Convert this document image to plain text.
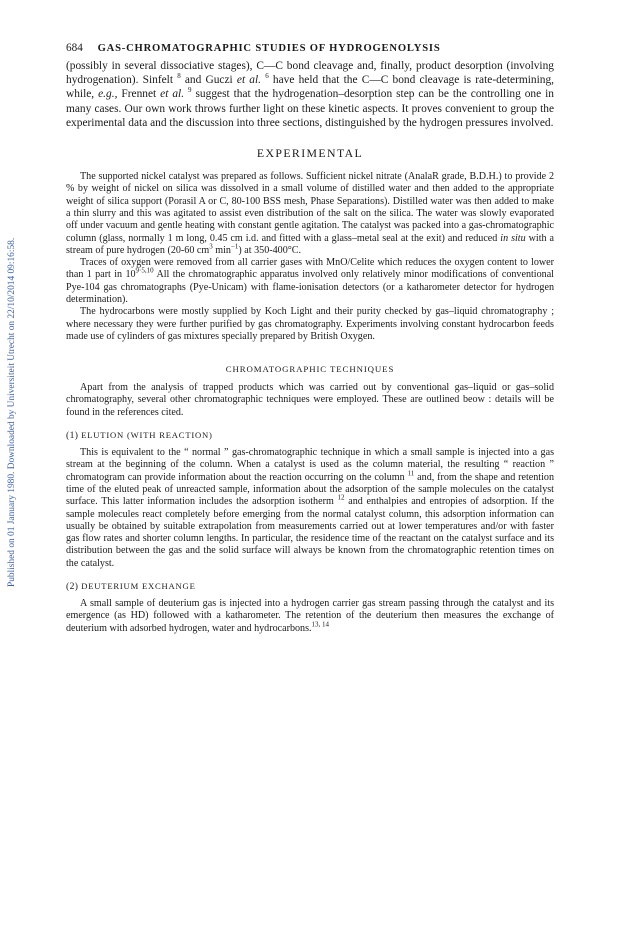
Published on 01 January 1980. Downloaded by Universiteit Utrecht on 22/10/2014 09:16:58.
684 GAS-CHROMATOGRAPHIC STUDIES OF HYDROGENOLYSIS

(possibly in several dissociative stages), C—C bond cleavage and, finally, product desorption (involving hydrogenation). Sinfelt $^8$ and Guczi et al. $^6$ have held that the C—C bond cleavage is rate-determining, while, e.g., Frennet et al. $^9$ suggest that the hydrogenation–desorption step can be the controlling one in many cases. Our own work throws further light on these kinetic aspects. It proves convenient to group the experimental data and the discussion into three sections, distinguished by the hydrogen pressures involved.

EXPERIMENTAL

The supported nickel catalyst was prepared as follows. Sufficient nickel nitrate (AnalaR grade, B.D.H.) to provide 2 % by weight of nickel on silica was dissolved in a small volume of distilled water and then added to the appropriate weight of silica support (Porasil A or C, 80-100 BSS mesh, Phase Separations). Distilled water was then added to make a thin slurry and this was agitated to assist even distribution of the salt on the silica. The water was slowly evaporated off under vacuum and gentle heating with constant gentle agitation. The catalyst was packed into a gas-chromatographic column (glass, normally 1 m long, 0.45 cm i.d. and fitted with a glass–metal seal at the exit) and reduced in situ with a stream of pure hydrogen (20-60 $cm^3$ $\min^{-1}$) at 350-400°C.

Traces of oxygen were removed from all carrier gases with MnO/Celite which reduces the oxygen content to lower than 1 part in $10^{9\cdot 5,10}$ All the chromatographic apparatus involved only relatively minor modifications of conventional Pye-104 gas chromatographs (Pye-Unicam) with flame-ionisation detectors (or a katharometer detector for hydrogen determination).

The hydrocarbons were mostly supplied by Koch Light and their purity checked by gas–liquid chromatography ; where necessary they were further purified by gas chromatography. Experiments involving constant hydrocarbon feeds made use of cylinders of gas mixtures specially prepared by British Oxygen.

CHROMATOGRAPHIC TECHNIQUES

Apart from the analysis of trapped products which was carried out by conventional gas–liquid or gas–solid chromatography, several other chromatographic techniques were employed. These are outlined beow : details will be found in the references cited.

(1) ELUTION (WITH REACTION)

This is equivalent to the “ normal ” gas-chromatographic technique in which a small sample is injected into a gas stream at the beginning of the column. When a catalyst is used as the column material, the resulting “ reaction ” chromatogram can provide information about the reaction occurring on the column $^{11}$ and, from the shape and retention time of the eluted peak of unreacted sample, information about the adsorption of the sample molecules on the catalyst surface. This latter information includes the adsorption isotherm $^{12}$ and enthalpies and entropies of adsorption. If the sample molecules react completely before emerging from the normal catalyst column, this adsorption information can usually be obtained by suitable extrapolation from measurements carried out at lower temperatures and/or with faster gas flow rates and shorter column lengths. In particular, the residence time of the reactant on the catalyst surface and its distribution between the gas and the solid surface will always be known from the chromatographic retention times on the catalyst.

(2) DEUTERIUM EXCHANGE

A small sample of deuterium gas is injected into a hydrogen carrier gas stream passing through the catalyst and its emergence (as HD) followed with a katharometer. The retention of the deuterium then measures the exchange of deuterium with adsorbed hydrogen, water and hydrocarbons.$^{13, 14}$
